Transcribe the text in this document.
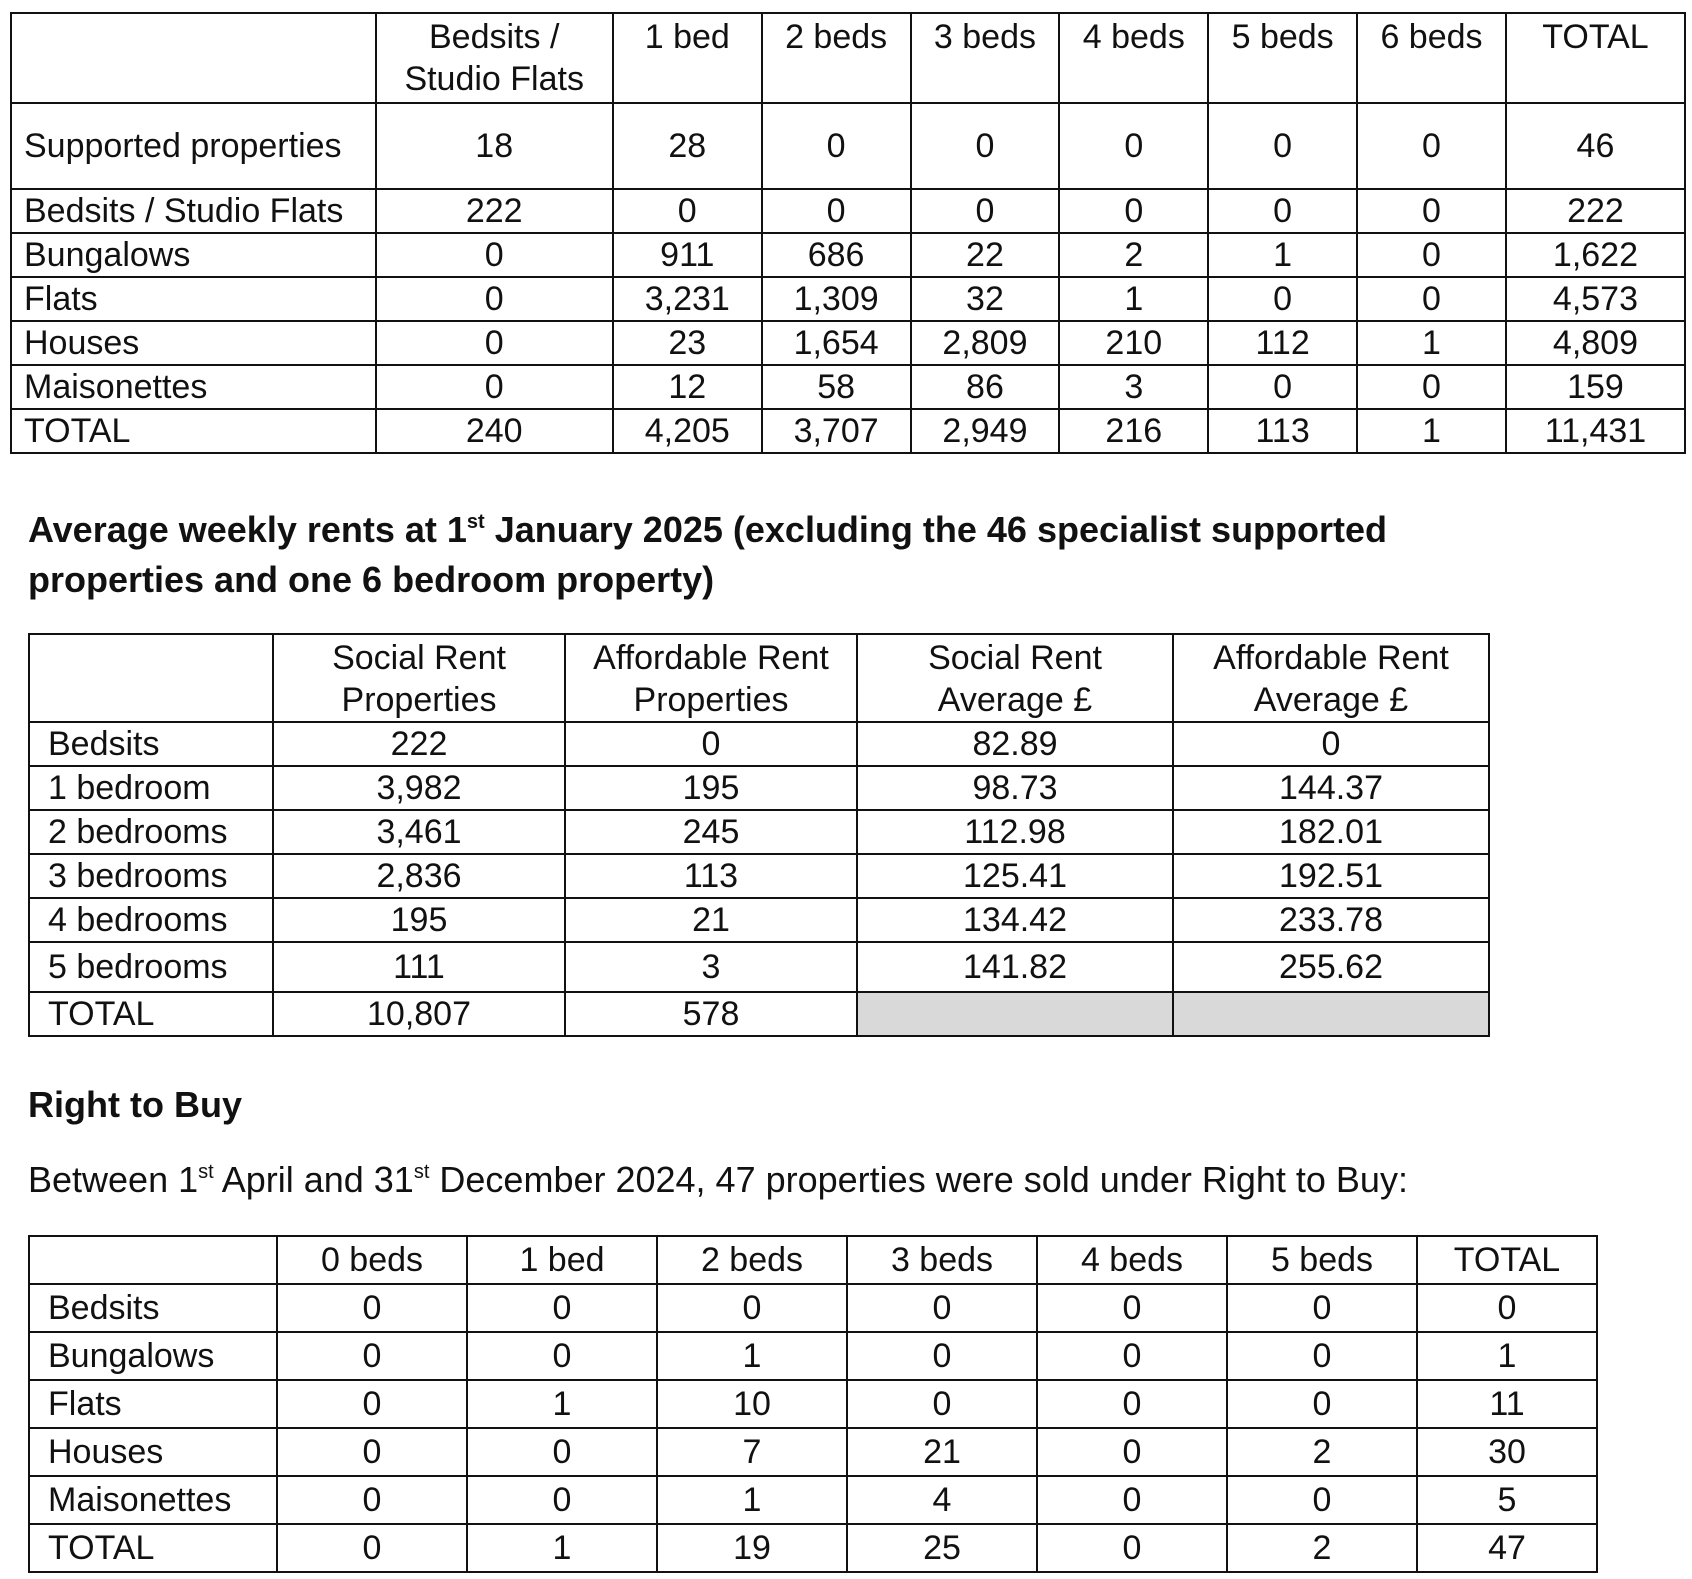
	Bedsits / Studio Flats	1 bed	2 beds	3 beds	4 beds	5 beds	6 beds	TOTAL
Supported properties	18	28	0	0	0	0	0	46
Bedsits / Studio Flats	222	0	0	0	0	0	0	222
Bungalows	0	911	686	22	2	1	0	1,622
Flats	0	3,231	1,309	32	1	0	0	4,573
Houses	0	23	1,654	2,809	210	112	1	4,809
Maisonettes	0	12	58	86	3	0	0	159
TOTAL	240	4,205	3,707	2,949	216	113	1	11,431
Average weekly rents at 1st January 2025 (excluding the 46 specialist supported properties and one 6 bedroom property)
	Social Rent Properties	Affordable Rent Properties	Social Rent Average £	Affordable Rent Average £
Bedsits	222	0	82.89	0
1 bedroom	3,982	195	98.73	144.37
2 bedrooms	3,461	245	112.98	182.01
3 bedrooms	2,836	113	125.41	192.51
4 bedrooms	195	21	134.42	233.78
5 bedrooms	111	3	141.82	255.62
TOTAL	10,807	578		
Right to Buy
Between 1st April and 31st December 2024, 47 properties were sold under Right to Buy:
	0 beds	1 bed	2 beds	3 beds	4 beds	5 beds	TOTAL
Bedsits	0	0	0	0	0	0	0
Bungalows	0	0	1	0	0	0	1
Flats	0	1	10	0	0	0	11
Houses	0	0	7	21	0	2	30
Maisonettes	0	0	1	4	0	0	5
TOTAL	0	1	19	25	0	2	47
